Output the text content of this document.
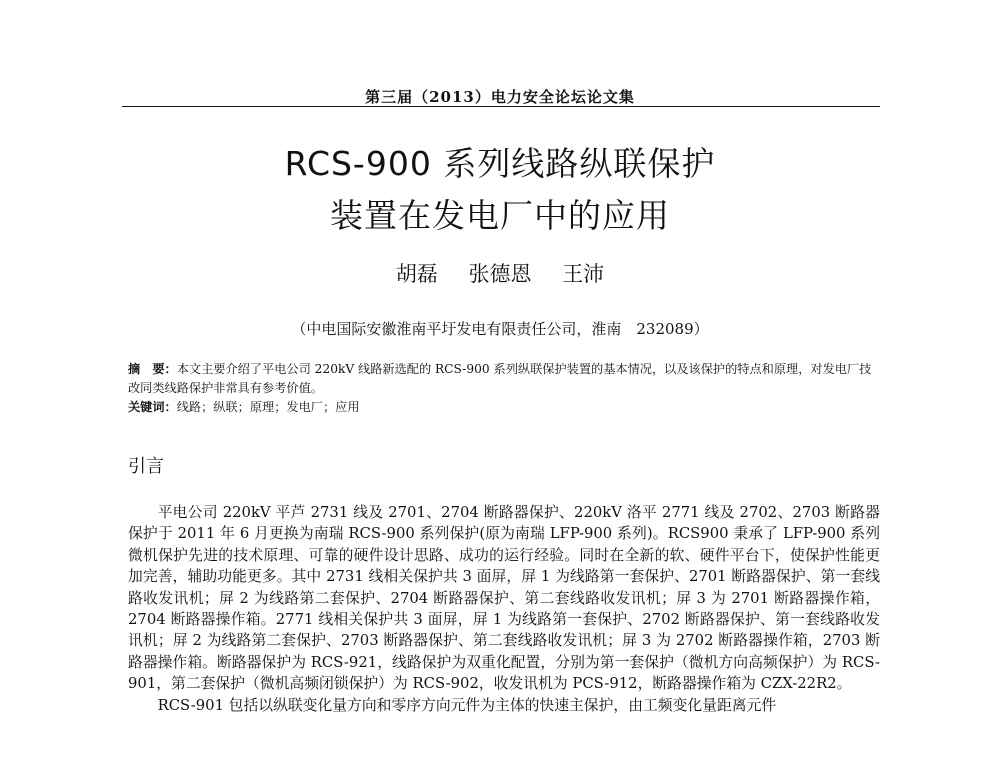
第三届（2013）电力安全论坛论文集
RCS-900 系列线路纵联保护
装置在发电厂中的应用
胡磊 张德恩 王沛
（中电国际安徽淮南平圩发电有限责任公司，淮南　232089）

摘　要：本文主要介绍了平电公司 220kV 线路新选配的 RCS-900 系列纵联保护装置的基本情况，以及该保护的特点和原理，对发电厂技改同类线路保护非常具有参考价值。

关键词：线路；纵联；原理；发电厂；应用

引言

平电公司 220kV 平芦 2731 线及 2701、2704 断路器保护、220kV 洛平 2771 线及 2702、2703 断路器保护于 2011 年 6 月更换为南瑞 RCS-900 系列保护(原为南瑞 LFP-900 系列)。RCS900 秉承了 LFP-900 系列微机保护先进的技术原理、可靠的硬件设计思路、成功的运行经验。同时在全新的软、硬件平台下，使保护性能更加完善，辅助功能更多。其中 2731 线相关保护共 3 面屏，屏 1 为线路第一套保护、2701 断路器保护、第一套线路收发讯机；屏 2 为线路第二套保护、2704 断路器保护、第二套线路收发讯机；屏 3 为 2701 断路器操作箱，2704 断路器操作箱。2771 线相关保护共 3 面屏，屏 1 为线路第一套保护、2702 断路器保护、第一套线路收发讯机；屏 2 为线路第二套保护、2703 断路器保护、第二套线路收发讯机；屏 3 为 2702 断路器操作箱，2703 断路器操作箱。断路器保护为 RCS-921，线路保护为双重化配置，分别为第一套保护（微机方向高频保护）为 RCS-901，第二套保护（微机高频闭锁保护）为 RCS-902，收发讯机为 PCS-912，断路器操作箱为 CZX-22R2。

RCS-901 包括以纵联变化量方向和零序方向元件为主体的快速主保护，由工频变化量距离元件
